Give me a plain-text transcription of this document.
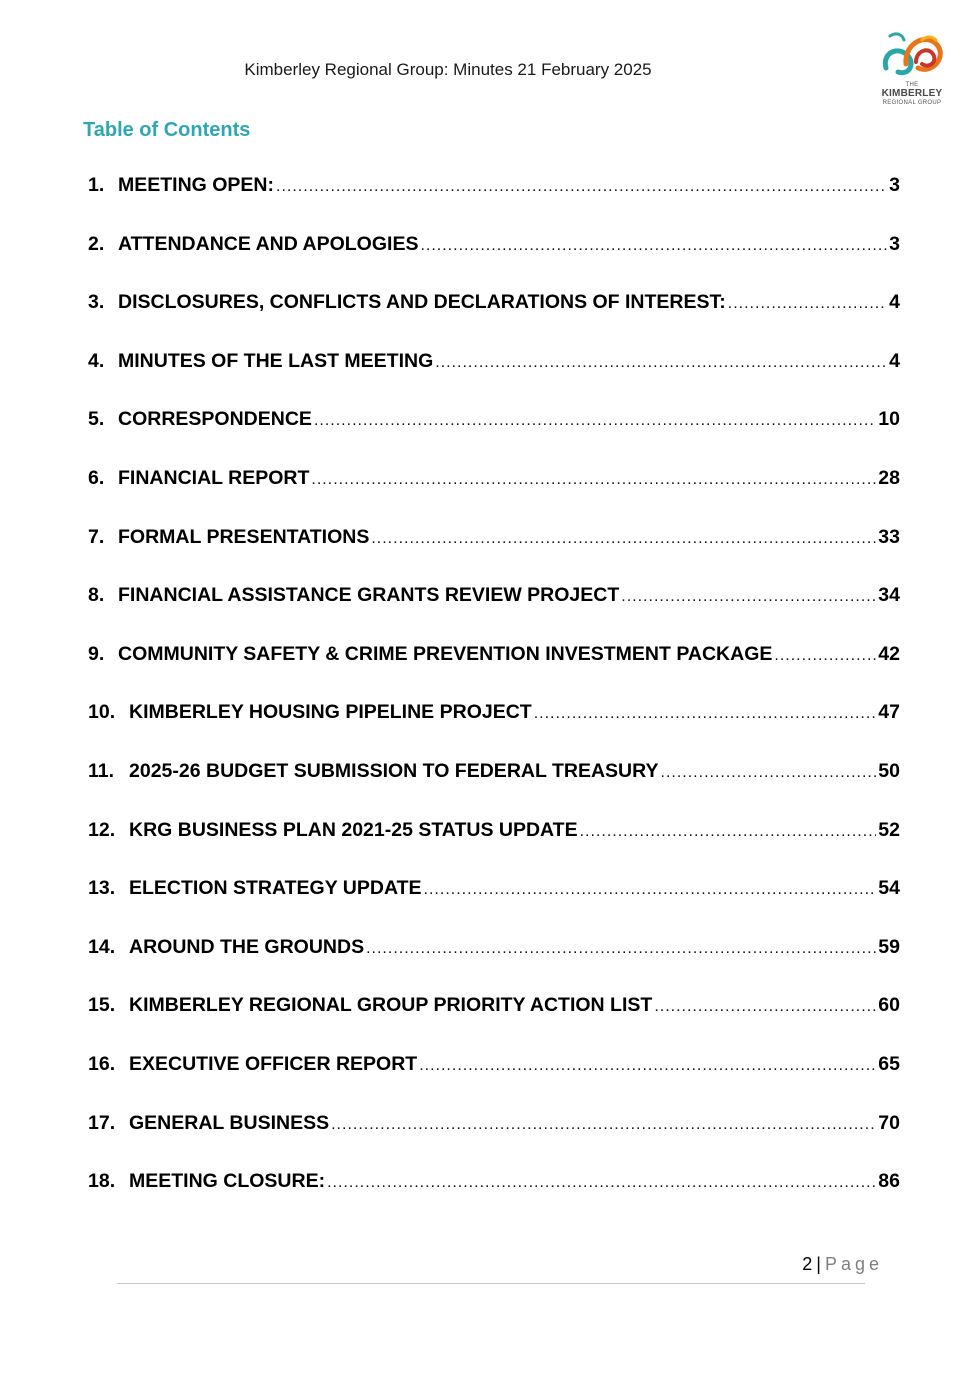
Kimberley Regional Group: Minutes 21 February 2025
THE
KIMBERLEY
REGIONAL GROUP
Table of Contents
1. MEETING OPEN: .....	3
2. ATTENDANCE AND APOLOGIES .....	3
3. DISCLOSURES, CONFLICTS AND DECLARATIONS OF INTEREST: .....	4
4. MINUTES OF THE LAST MEETING .....	4
5. CORRESPONDENCE .....	10
6. FINANCIAL REPORT .....	28
7. FORMAL PRESENTATIONS .....	33
8. FINANCIAL ASSISTANCE GRANTS REVIEW PROJECT .....	34
9. COMMUNITY SAFETY & CRIME PREVENTION INVESTMENT PACKAGE .....	42
10. KIMBERLEY HOUSING PIPELINE PROJECT .....	47
11. 2025-26 BUDGET SUBMISSION TO FEDERAL TREASURY .....	50
12. KRG BUSINESS PLAN 2021-25 STATUS UPDATE .....	52
13. ELECTION STRATEGY UPDATE .....	54
14. AROUND THE GROUNDS .....	59
15. KIMBERLEY REGIONAL GROUP PRIORITY ACTION LIST .....	60
16. EXECUTIVE OFFICER REPORT .....	65
17. GENERAL BUSINESS .....	70
18. MEETING CLOSURE: .....	86
2 | Page
